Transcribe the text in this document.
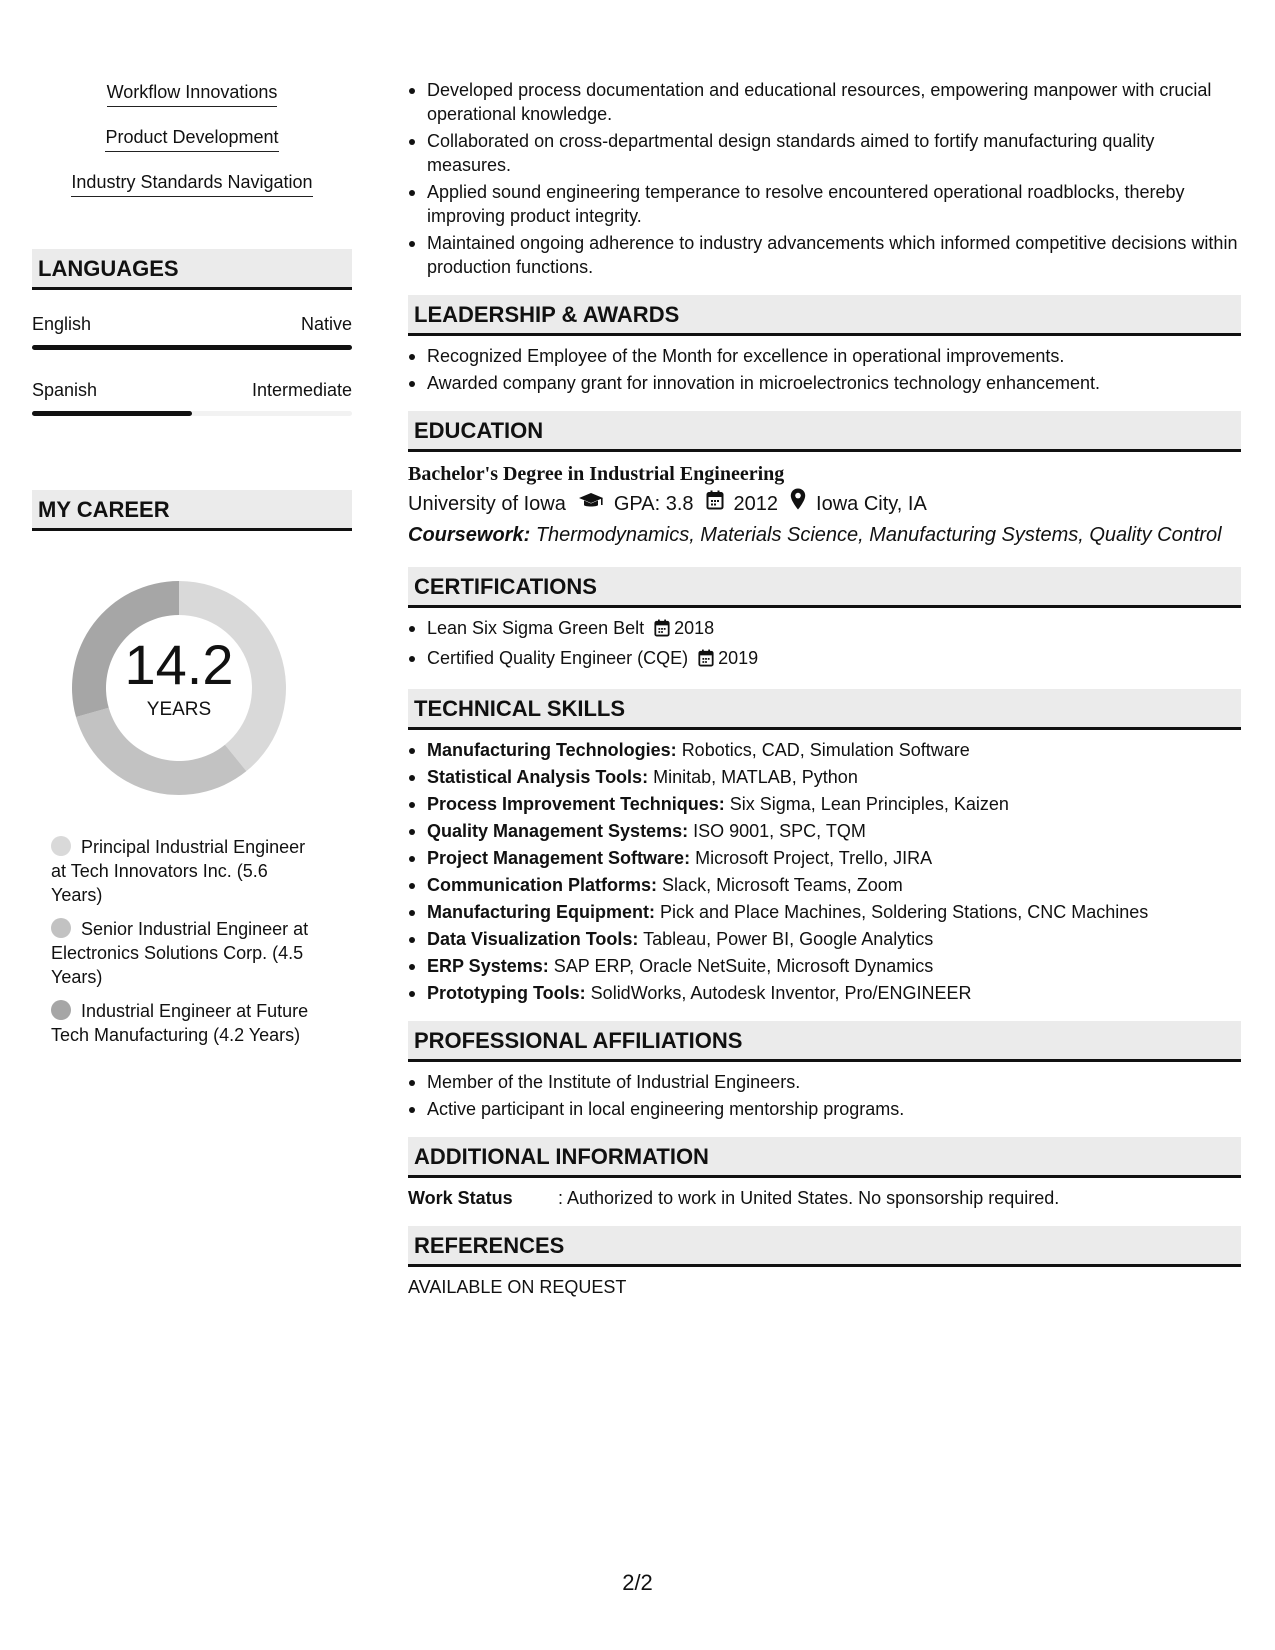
Workflow Innovations
Product Development
Industry Standards Navigation
LANGUAGES
English	Native
Spanish	Intermediate
MY CAREER
14.2
YEARS
Principal Industrial Engineer at Tech Innovators Inc. (5.6 Years)
Senior Industrial Engineer at Electronics Solutions Corp. (4.5 Years)
Industrial Engineer at Future Tech Manufacturing (4.2 Years)
Developed process documentation and educational resources, empowering manpower with crucial operational knowledge.
Collaborated on cross-departmental design standards aimed to fortify manufacturing quality measures.
Applied sound engineering temperance to resolve encountered operational roadblocks, thereby improving product integrity.
Maintained ongoing adherence to industry advancements which informed competitive decisions within production functions.
LEADERSHIP & AWARDS
Recognized Employee of the Month for excellence in operational improvements.
Awarded company grant for innovation in microelectronics technology enhancement.
EDUCATION
Bachelor's Degree in Industrial Engineering
University of Iowa GPA: 3.8 2012 Iowa City, IA
Coursework: Thermodynamics, Materials Science, Manufacturing Systems, Quality Control
CERTIFICATIONS
Lean Six Sigma Green Belt 2018
Certified Quality Engineer (CQE) 2019
TECHNICAL SKILLS
Manufacturing Technologies: Robotics, CAD, Simulation Software
Statistical Analysis Tools: Minitab, MATLAB, Python
Process Improvement Techniques: Six Sigma, Lean Principles, Kaizen
Quality Management Systems: ISO 9001, SPC, TQM
Project Management Software: Microsoft Project, Trello, JIRA
Communication Platforms: Slack, Microsoft Teams, Zoom
Manufacturing Equipment: Pick and Place Machines, Soldering Stations, CNC Machines
Data Visualization Tools: Tableau, Power BI, Google Analytics
ERP Systems: SAP ERP, Oracle NetSuite, Microsoft Dynamics
Prototyping Tools: SolidWorks, Autodesk Inventor, Pro/ENGINEER
PROFESSIONAL AFFILIATIONS
Member of the Institute of Industrial Engineers.
Active participant in local engineering mentorship programs.
ADDITIONAL INFORMATION
Work Status	: Authorized to work in United States. No sponsorship required.
REFERENCES
AVAILABLE ON REQUEST
2/2
